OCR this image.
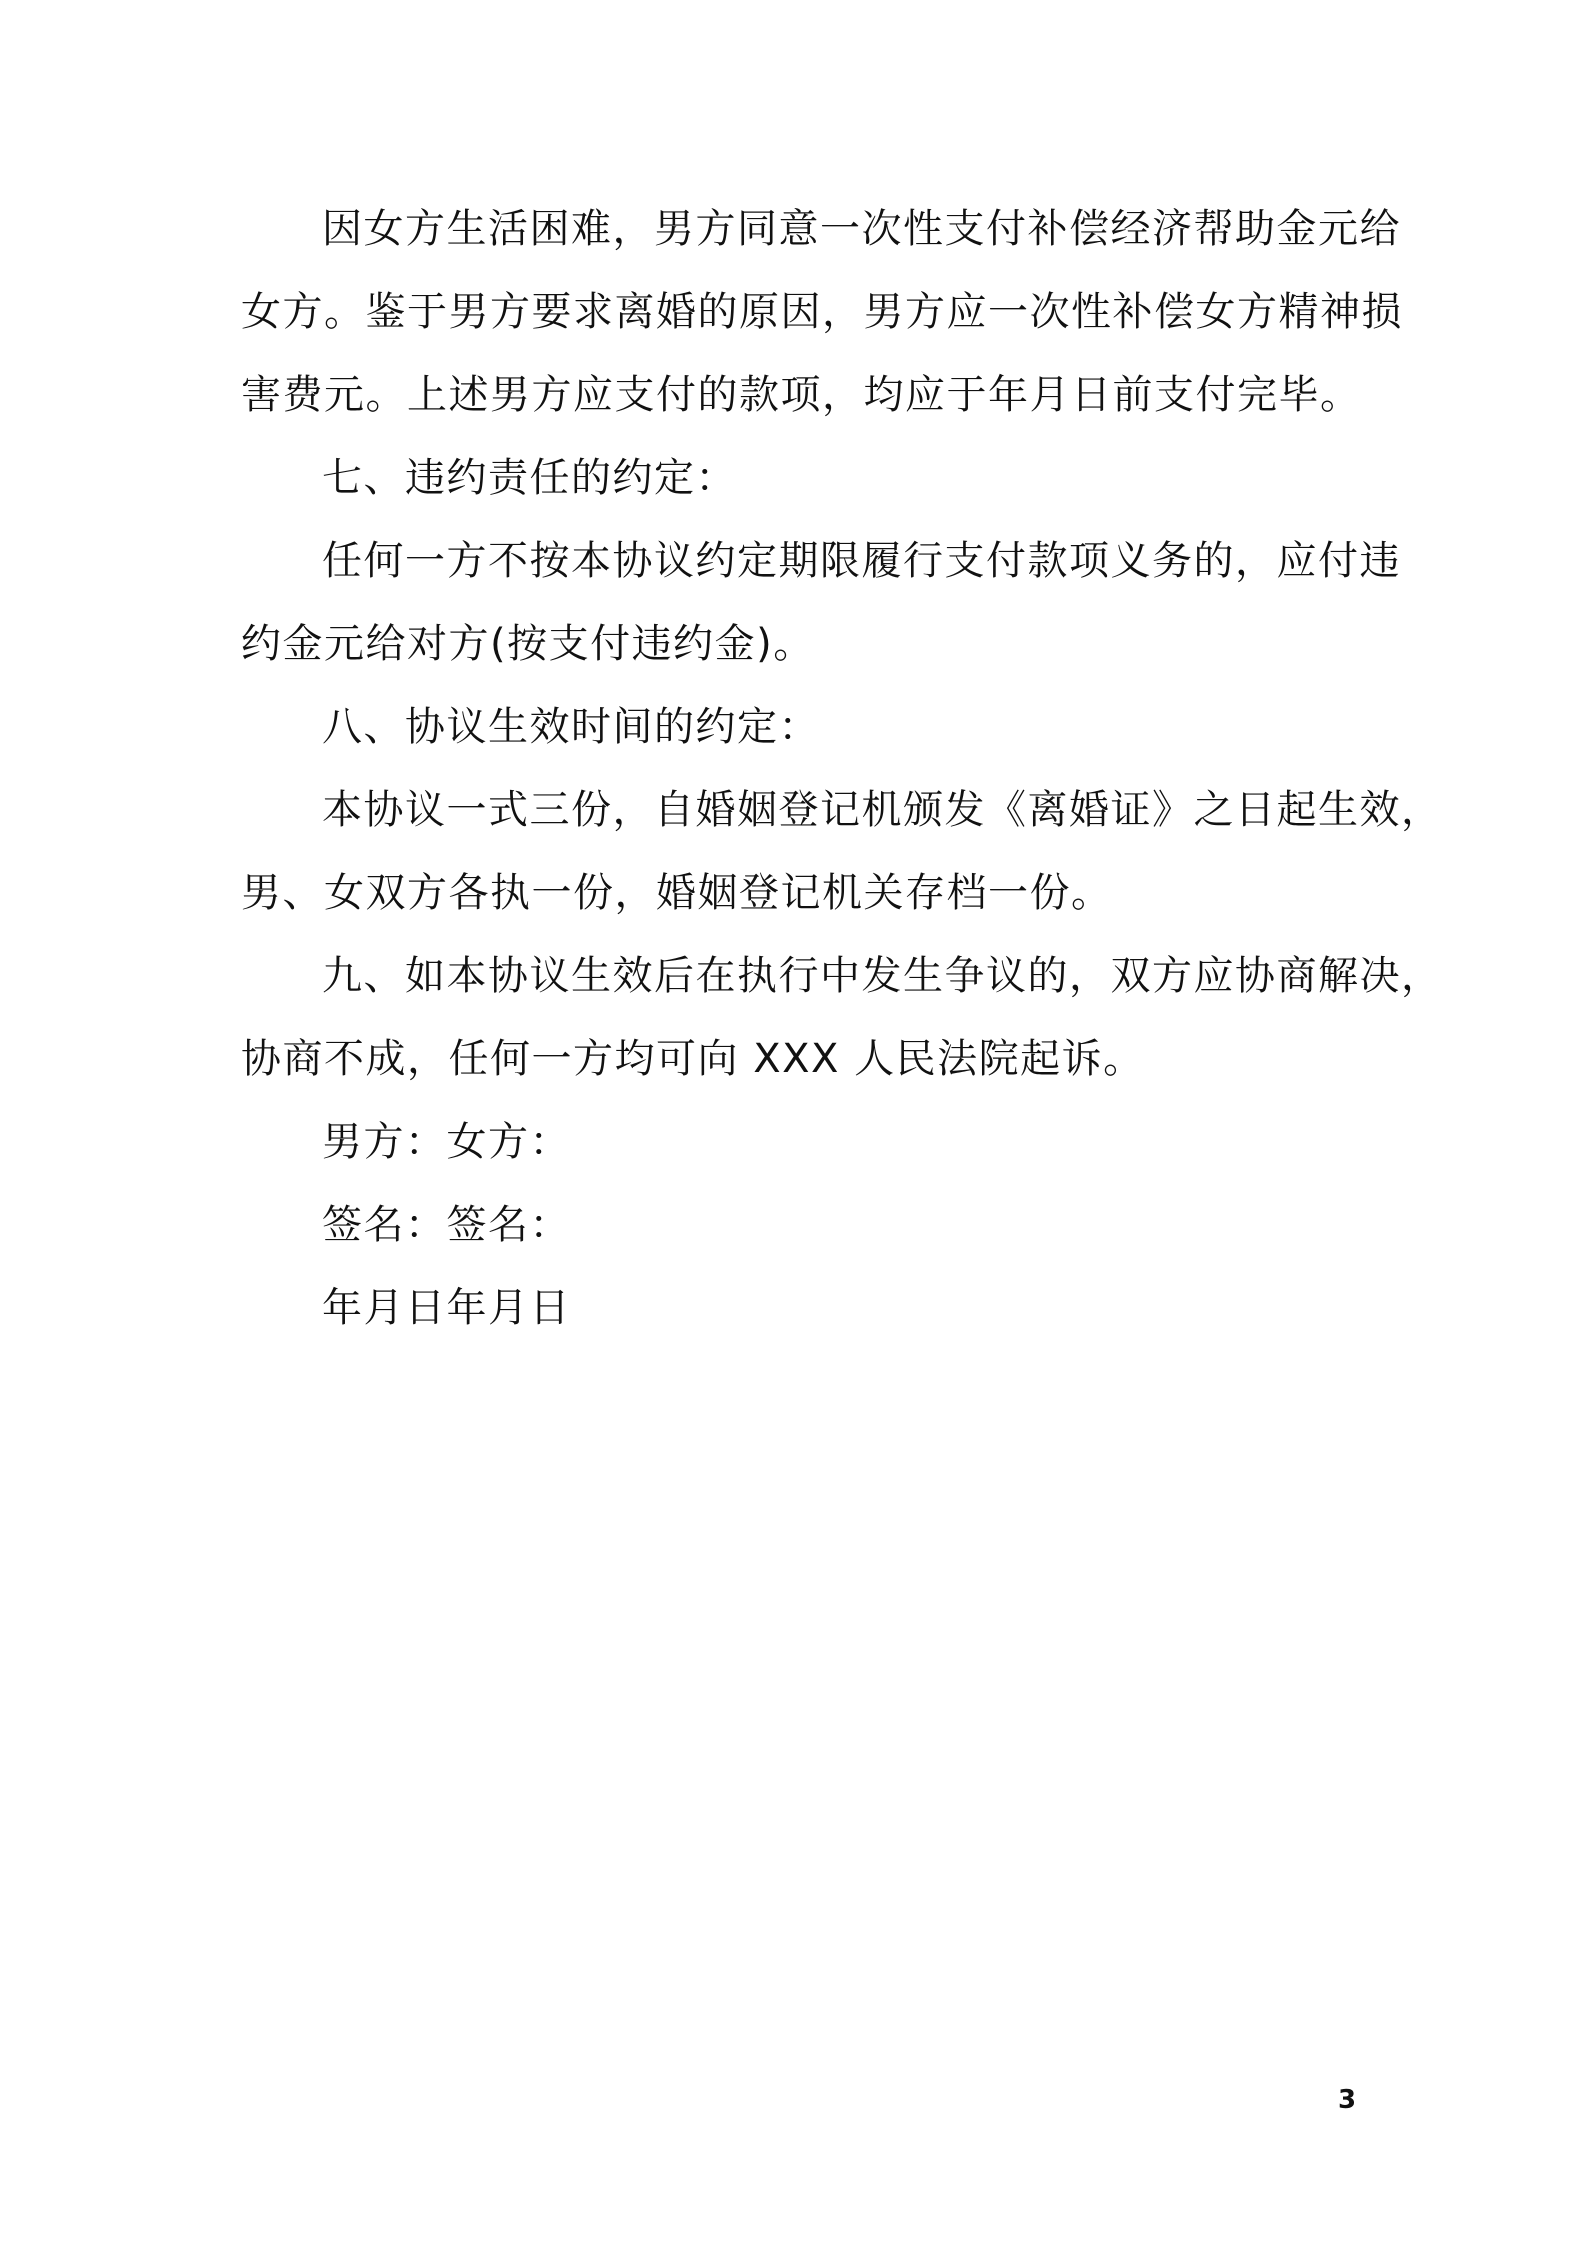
因女方生活困难，男方同意一次性支付补偿经济帮助金元给
女方。鉴于男方要求离婚的原因，男方应一次性补偿女方精神损
害费元。上述男方应支付的款项，均应于年月日前支付完毕。
七、违约责任的约定：
任何一方不按本协议约定期限履行支付款项义务的，应付违
约金元给对方(按支付违约金)。
八、协议生效时间的约定：
本协议一式三份，自婚姻登记机颁发《离婚证》之日起生效，
男、女双方各执一份，婚姻登记机关存档一份。
九、如本协议生效后在执行中发生争议的，双方应协商解决，
协商不成，任何一方均可向 XXX 人民法院起诉。
男方：女方：
签名：签名：
年月日年月日
3
